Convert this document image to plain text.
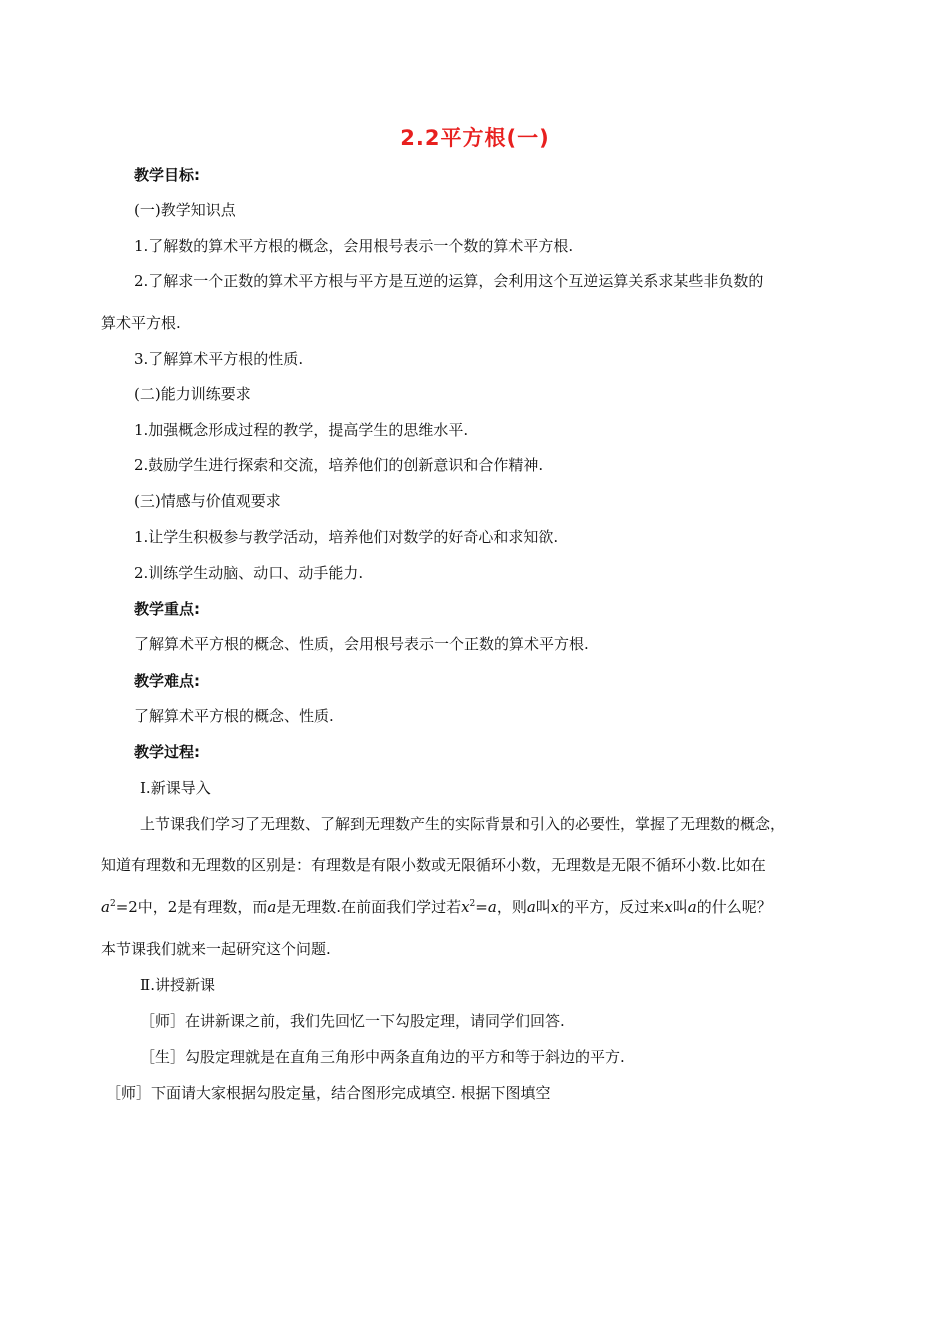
2.2平方根(一)
教学目标:
(一)教学知识点
1.了解数的算术平方根的概念，会用根号表示一个数的算术平方根.
2.了解求一个正数的算术平方根与平方是互逆的运算，会利用这个互逆运算关系求某些非负数的
算术平方根.
3.了解算术平方根的性质.
(二)能力训练要求
1.加强概念形成过程的教学，提高学生的思维水平.
2.鼓励学生进行探索和交流，培养他们的创新意识和合作精神.
(三)情感与价值观要求
1.让学生积极参与教学活动，培养他们对数学的好奇心和求知欲.
2.训练学生动脑、动口、动手能力.
教学重点:
了解算术平方根的概念、性质，会用根号表示一个正数的算术平方根.
教学难点:
了解算术平方根的概念、性质.
教学过程:
Ⅰ.新课导入
上节课我们学习了无理数、了解到无理数产生的实际背景和引入的必要性，掌握了无理数的概念，
知道有理数和无理数的区别是：有理数是有限小数或无限循环小数，无理数是无限不循环小数.比如在
$a^2=2$中，2是有理数，而a是无理数.在前面我们学过若$x^2=a$，则a叫x的平方，反过来x叫a的什么呢？
本节课我们就来一起研究这个问题.
Ⅱ.讲授新课
［师］在讲新课之前，我们先回忆一下勾股定理，请同学们回答.
［生］勾股定理就是在直角三角形中两条直角边的平方和等于斜边的平方.
［师］下面请大家根据勾股定量，结合图形完成填空. 根据下图填空
